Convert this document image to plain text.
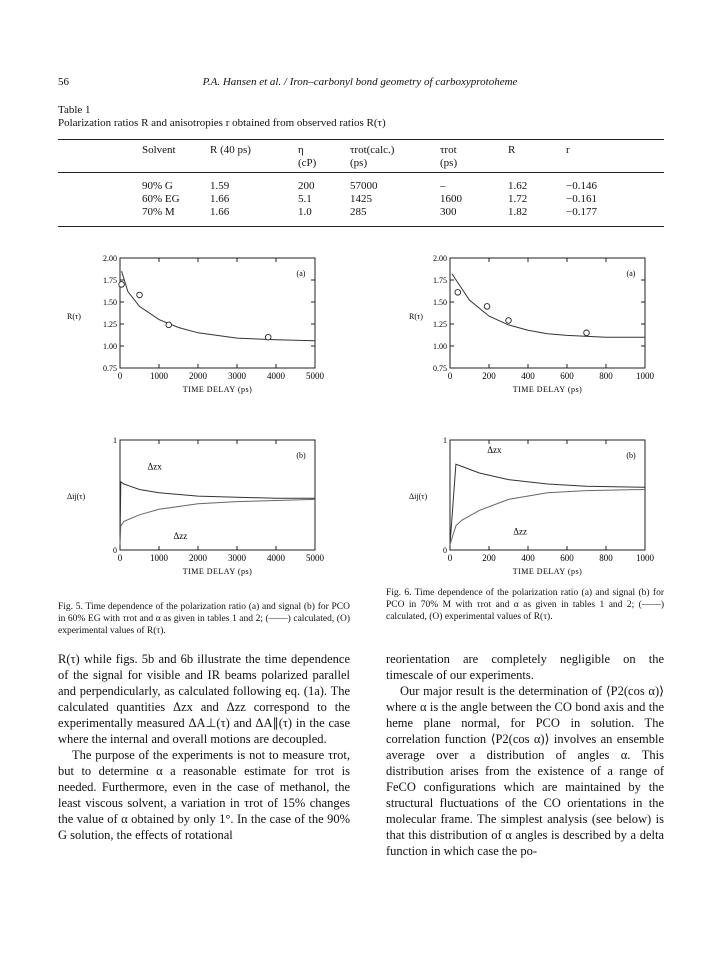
56	P.A. Hansen et al. / Iron–carbonyl bond geometry of carboxyprotoheme
Table 1
Polarization ratios R and anisotropies r obtained from observed ratios R(τ)
	Solvent	R (40 ps)	η	τrot(calc.)	τrot	R	r
			(cP)	(ps)	(ps)		

	90% G	1.59	200	57000	–	1.62	−0.146
	60% EG	1.66	5.1	1425	1600	1.72	−0.161
	70% M	1.66	1.0	285	300	1.82	−0.177
0	1000 2000 3000 4000 5000
0.75
1.00
1.25
1.50
1.75
2.00
TIME DELAY (ps)
R(τ)
(a)
0	200	400	600	800	1000
0.75
1.00
1.25
1.50
1.75
2.00
TIME DELAY (ps)
R(τ)
(a)
0	1000 2000 3000 4000 5000
0
1
TIME DELAY (ps)
Δij(τ)
(b)
Δzx
Δzz
0	200	400	600	800	1000
0
1
TIME DELAY (ps)
Δij(τ)
(b)
Δzx
Δzz
Fig. 5. Time dependence of the polarization ratio (a) and signal (b) for PCO in 60% EG with τrot and α as given in tables 1 and 2; (——) calculated, (O) experimental values of R(τ).
Fig. 6. Time dependence of the polarization ratio (a) and signal (b) for PCO in 70% M with τrot and α as given in tables 1 and 2; (——) calculated, (O) experimental values of R(τ).

R(τ) while figs. 5b and 6b illustrate the time dependence of the signal for visible and IR beams polarized parallel and perpendicularly, as calculated following eq. (1a). The calculated quantities Δzx and Δzz correspond to the experimentally measured ΔA⊥(τ) and ΔA∥(τ) in the case where the internal and overall motions are decoupled.

The purpose of the experiments is not to measure τrot, but to determine α a reasonable estimate for τrot is needed. Furthermore, even in the case of methanol, the least viscous solvent, a variation in τrot of 15% changes the value of α obtained by only 1°. In the case of the 90% G solution, the effects of rotational

reorientation are completely negligible on the timescale of our experiments.

Our major result is the determination of ⟨P2(cos α)⟩ where α is the angle between the CO bond axis and the heme plane normal, for PCO in solution. The correlation function ⟨P2(cos α)⟩ involves an ensemble average over a distribution of angles α. This distribution arises from the existence of a range of FeCO configurations which are maintained by the structural fluctuations of the CO orientations in the molecular frame. The simplest analysis (see below) is that this distribution of α angles is described by a delta function in which case the po-
